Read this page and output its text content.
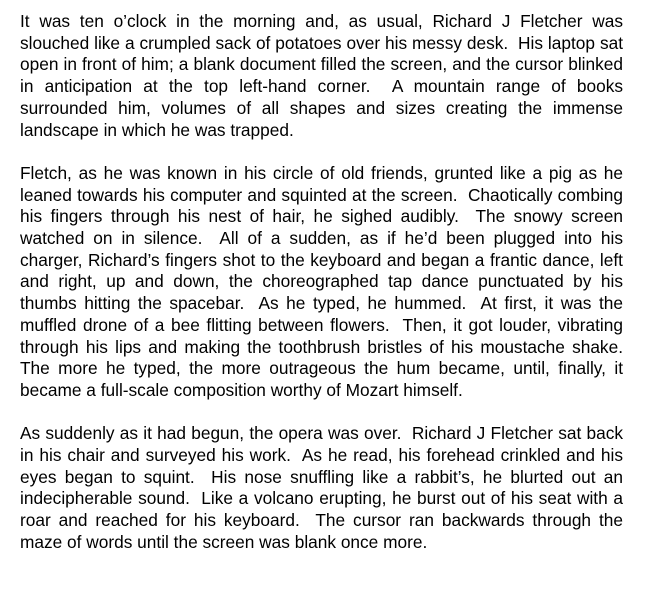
It was ten o’clock in the morning and, as usual, Richard J Fletcher was slouched like a crumpled sack of potatoes over his messy desk.  His laptop sat open in front of him; a blank document filled the screen, and the cursor blinked in anticipation at the top left-hand corner.  A mountain range of books surrounded him, volumes of all shapes and sizes creating the immense landscape in which he was trapped.

Fletch, as he was known in his circle of old friends, grunted like a pig as he leaned towards his computer and squinted at the screen.  Chaotically combing his fingers through his nest of hair, he sighed audibly.  The snowy screen watched on in silence.  All of a sudden, as if he’d been plugged into his charger, Richard’s fingers shot to the keyboard and began a frantic dance, left and right, up and down, the choreographed tap dance punctuated by his thumbs hitting the spacebar.  As he typed, he hummed.  At first, it was the muffled drone of a bee flitting between flowers.  Then, it got louder, vibrating through his lips and making the toothbrush bristles of his moustache shake.  The more he typed, the more outrageous the hum became, until, finally, it became a full-scale composition worthy of Mozart himself.

As suddenly as it had begun, the opera was over.  Richard J Fletcher sat back in his chair and surveyed his work.  As he read, his forehead crinkled and his eyes began to squint.  His nose snuffling like a rabbit’s, he blurted out an indecipherable sound.  Like a volcano erupting, he burst out of his seat with a roar and reached for his keyboard.  The cursor ran backwards through the maze of words until the screen was blank once more.
